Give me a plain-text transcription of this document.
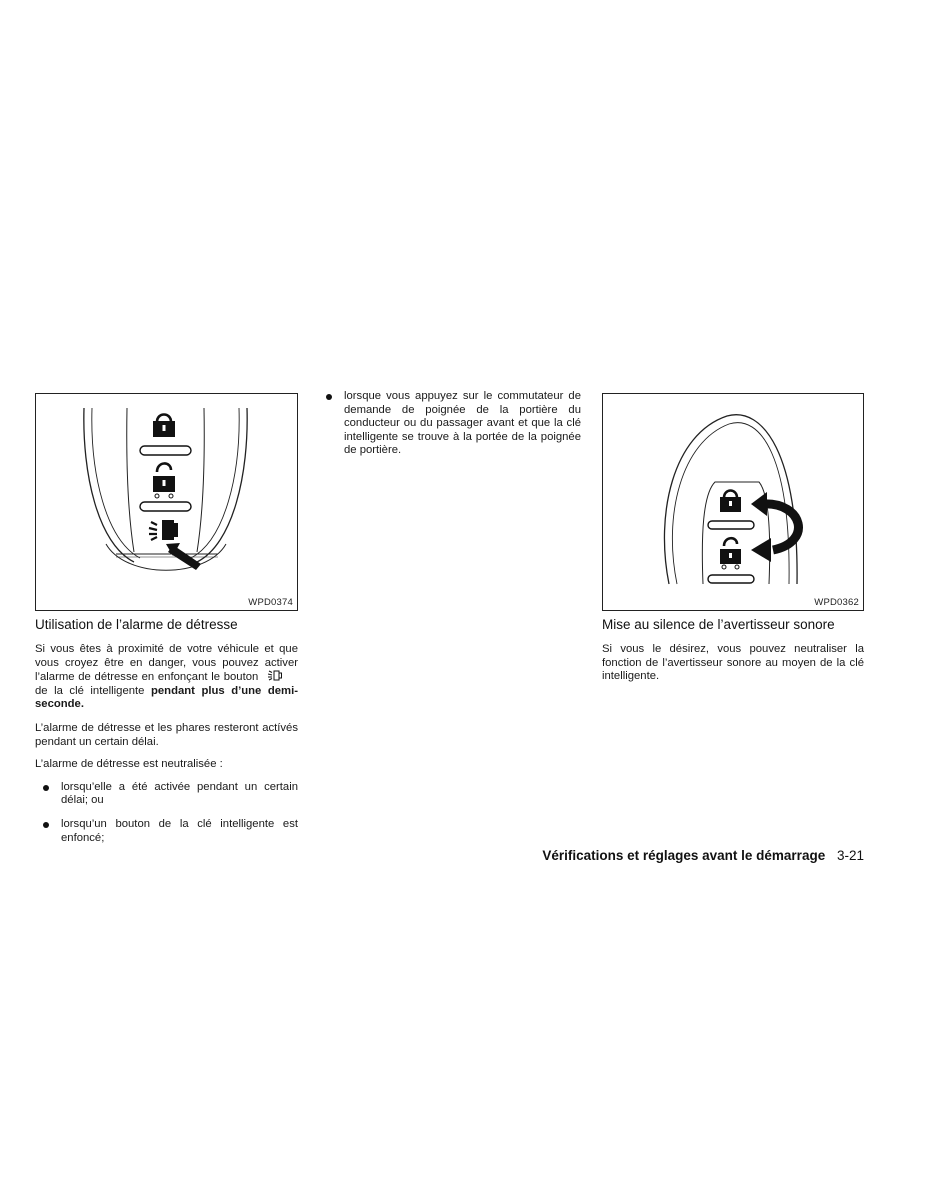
WPD0374
Utilisation de l’alarme de détresse

Si vous êtes à proximité de votre véhicule et que vous croyez être en danger, vous pouvez activer l’alarme de détresse en enfonçant le bouton  de la clé intelligente pendant plus d’une demi-seconde.

L’alarme de détresse et les phares resteront actívés pendant un certain délai.

L’alarme de détresse est neutralisée :

lorsqu’elle a été activée pendant un certain délai; ou
lorsqu’un bouton de la clé intelligente est enfoncé;
lorsque vous appuyez sur le commutateur de demande de poignée de la portière du conducteur ou du passager avant et que la clé intelligente se trouve à la portée de la poignée de portière.
WPD0362
Mise au silence de l’avertisseur sonore

Si vous le désirez, vous pouvez neutraliser la fonction de l’avertisseur sonore au moyen de la clé intelligente.

Vérifications et réglages avant le démarrage 3-21
